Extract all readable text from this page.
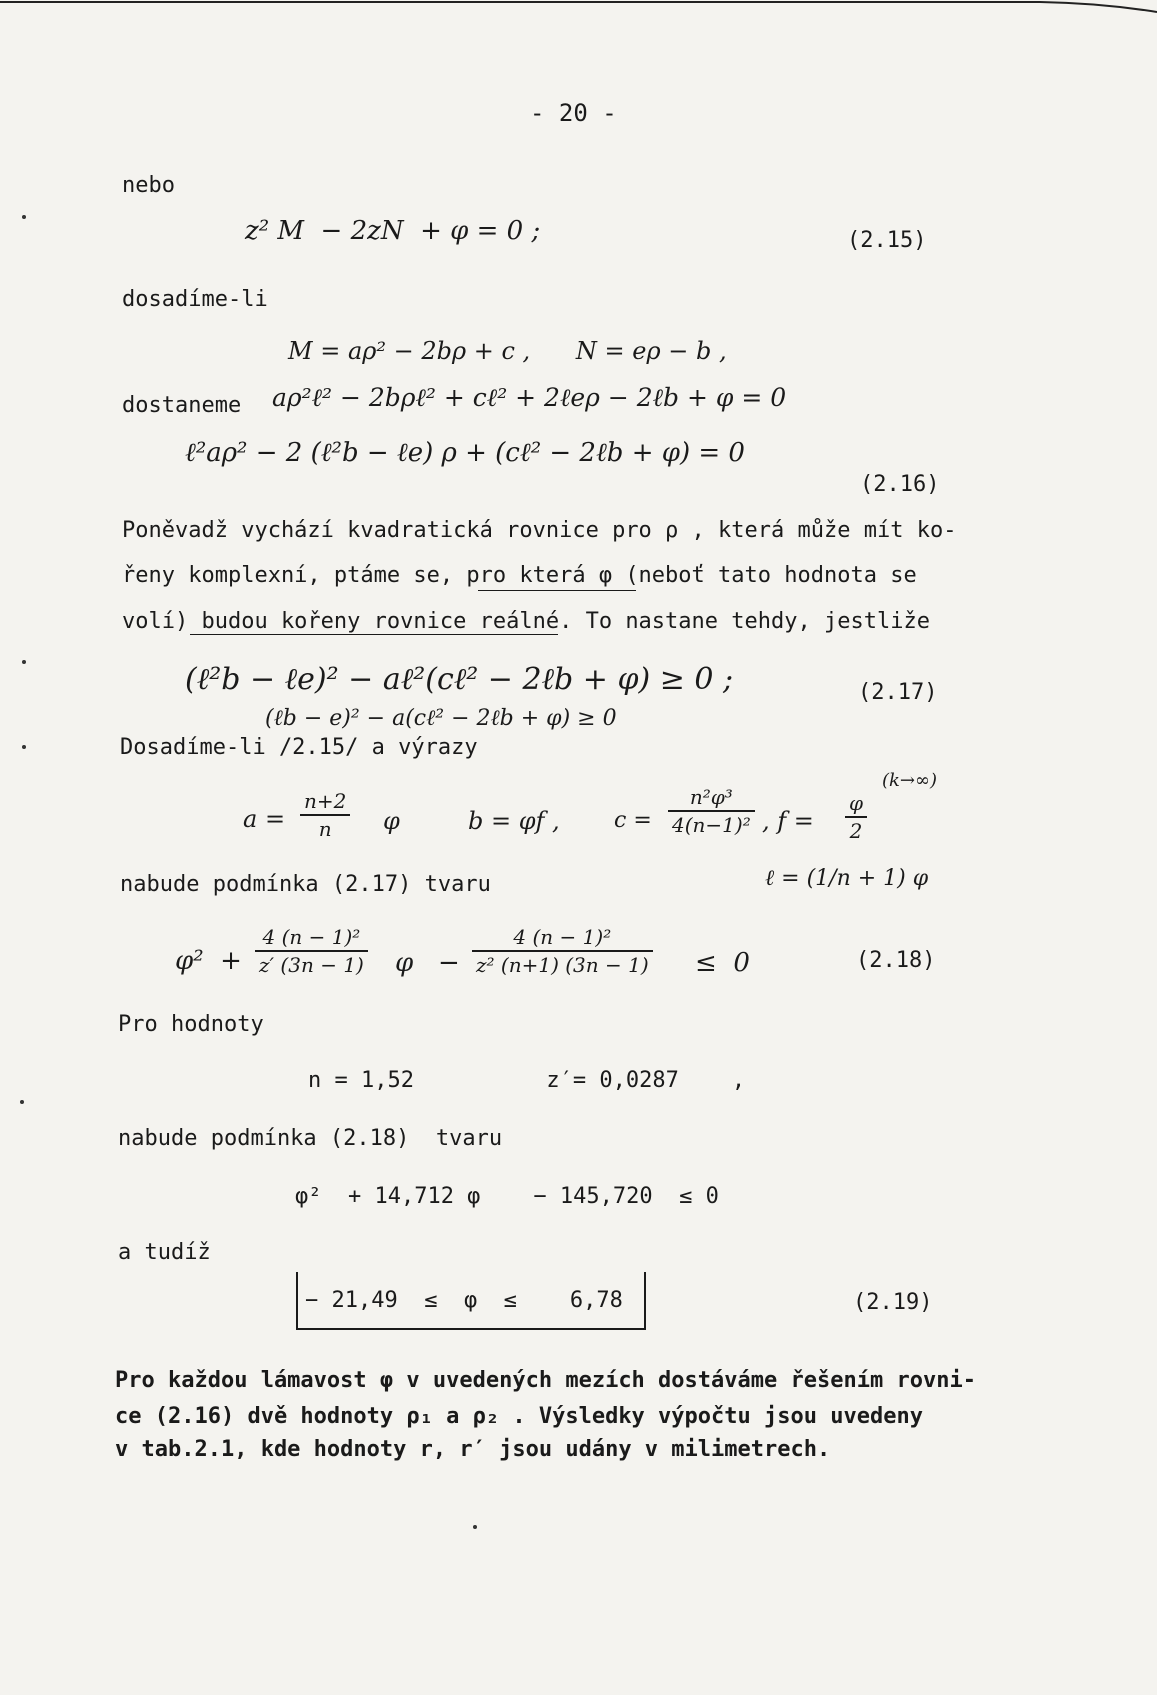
- 20 -
nebo
z² M  − 2zN  + φ = 0 ;	(2.15)
dosadíme-li
M = aρ² − 2bρ + c ,      N = eρ − b ,
dostaneme aρ²ℓ² − 2bρℓ² + cℓ² + 2ℓeρ − 2ℓb + φ = 0
ℓ²aρ² − 2 (ℓ²b − ℓe) ρ + (cℓ² − 2ℓb + φ) = 0
(2.16)
Poněvadž vychází kvadratická rovnice pro ρ , která může mít ko-
řeny komplexní, ptáme se, pro která φ (neboť tato hodnota se
volí) budou kořeny rovnice reálné. To nastane tehdy, jestliže
(ℓ²b − ℓe)² − aℓ²(cℓ² − 2ℓb + φ) ≥ 0 ;	(2.17)
(ℓb − e)² − a(cℓ² − 2ℓb + φ) ≥ 0
Dosadíme-li /2.15/ a výrazy
(k→∞)
a =
n+2
n φ	b = φf , c =
n²φ³
4(n−1)² , f =
φ
2
nabude podmínka (2.17) tvaru	ℓ = (1/n + 1) φ
φ²  +
4 (n − 1)²
z′ (3n − 1) φ   −
4 (n − 1)²
z² (n+1) (3n − 1) ≤  0	(2.18)
Pro hodnoty
n = 1,52          z′= 0,0287    ,
nabude podmínka (2.18)  tvaru
φ²  + 14,712 φ    − 145,720  ≤ 0
a tudíž
− 21,49  ≤  φ  ≤    6,78	(2.19)
Pro každou lámavost φ v uvedených mezích dostáváme řešením rovni-
ce (2.16) dvě hodnoty ρ₁ a ρ₂ . Výsledky výpočtu jsou uvedeny
v tab.2.1, kde hodnoty r, r′ jsou udány v milimetrech.
